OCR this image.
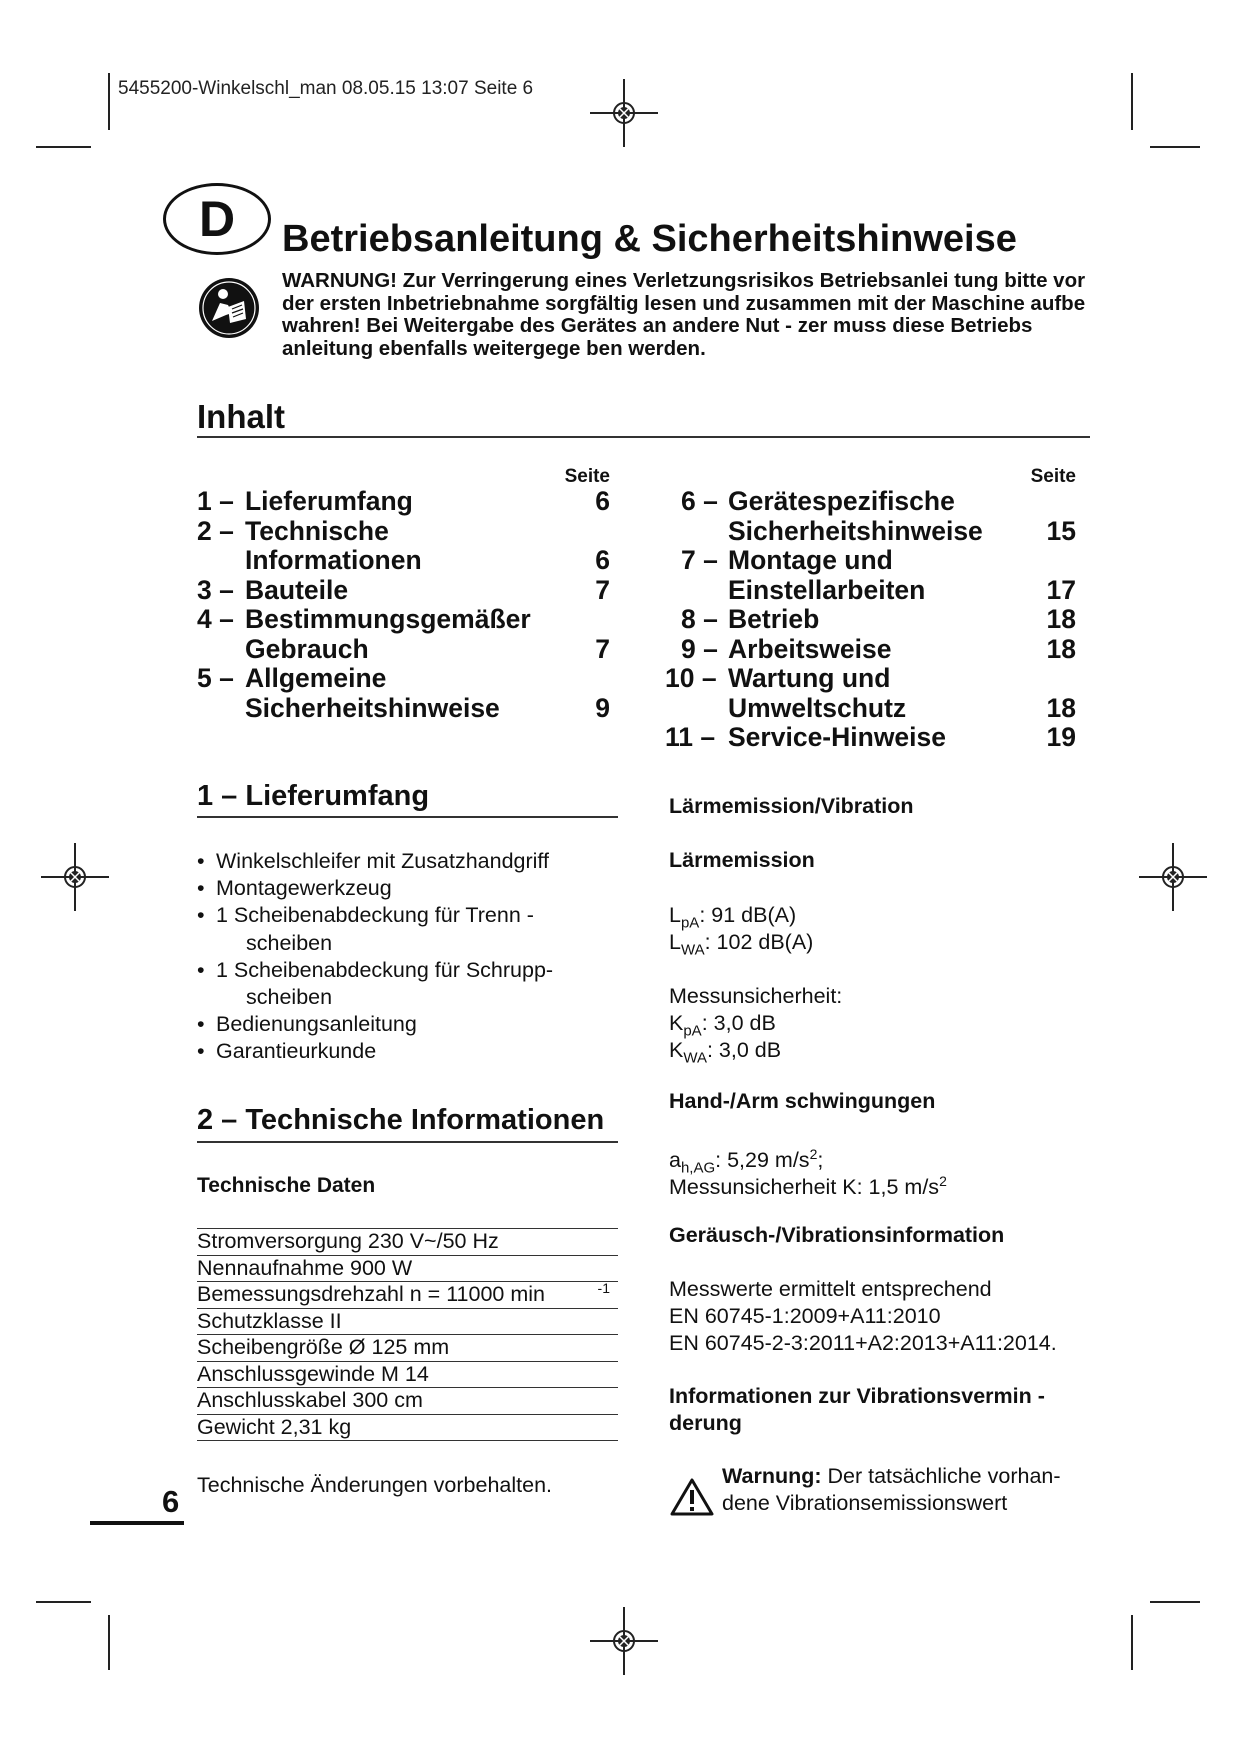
5455200-Winkelschl_man 08.05.15 13:07 Seite 6
D	Betriebsanleitung & Sicherheitshinweise
WARNUNG! Zur Verringerung eines Verletzungsrisikos Betriebsanlei tung bitte vor der ersten Inbetriebnahme sorgfältig lesen und zusammen mit der Maschine aufbe wahren! Bei Weitergabe des Gerätes an andere Nut - zer muss diese Betriebs anleitung ebenfalls weitergege ben werden.
Inhalt
Seite	Seite
1 – Lieferumfang	6
2 – Technische
Informationen	6
3 – Bauteile	7
4 – Bestimmungsgemäßer
Gebrauch	7
5 – Allgemeine
Sicherheitshinweise	9
6 – Gerätespezifische
Sicherheitshinweise 15
7 – Montage und
Einstellarbeiten	17
8 – Betrieb	18
9 – Arbeitsweise	18
10 – Wartung und
Umweltschutz	18
11 – Service-Hinweise	19
1 – Lieferumfang
• Winkelschleifer mit Zusatzhandgriff
• Montagewerkzeug
• 1 Scheibenabdeckung für Trenn -
scheiben
• 1 Scheibenabdeckung für Schrupp-
scheiben
• Bedienungsanleitung
• Garantieurkunde
2 – Technische Informationen
Technische Daten
Stromversorgung 230 V~/50 Hz
Nennaufnahme 900 W
Bemessungsdrehzahl n = 11000 min	-1
Schutzklasse II
Scheibengröße Ø 125 mm
Anschlussgewinde M 14
Anschlusskabel 300 cm
Gewicht 2,31 kg
Technische Änderungen vorbehalten.
6
Lärmemission/Vibration
Lärmemission
$L_{pA}$: 91 dB(A)
$L_{WA}$: 102 dB(A)
Messunsicherheit:
$K_{pA}$: 3,0 dB
$K_{WA}$: 3,0 dB
Hand-/Arm schwingungen
$a_{h,AG}$: 5,29 $m/s^2$;
Messunsicherheit K: 1,5 $m/s^2$
Geräusch-/Vibrationsinformation
Messwerte ermittelt entsprechend
EN 60745-1:2009+A11:2010
EN 60745-2-3:2011+A2:2013+A11:2014.
Informationen zur Vibrationsvermin -
derung
Warnung: Der tatsächliche vorhan-
dene Vibrationsemissionswert
